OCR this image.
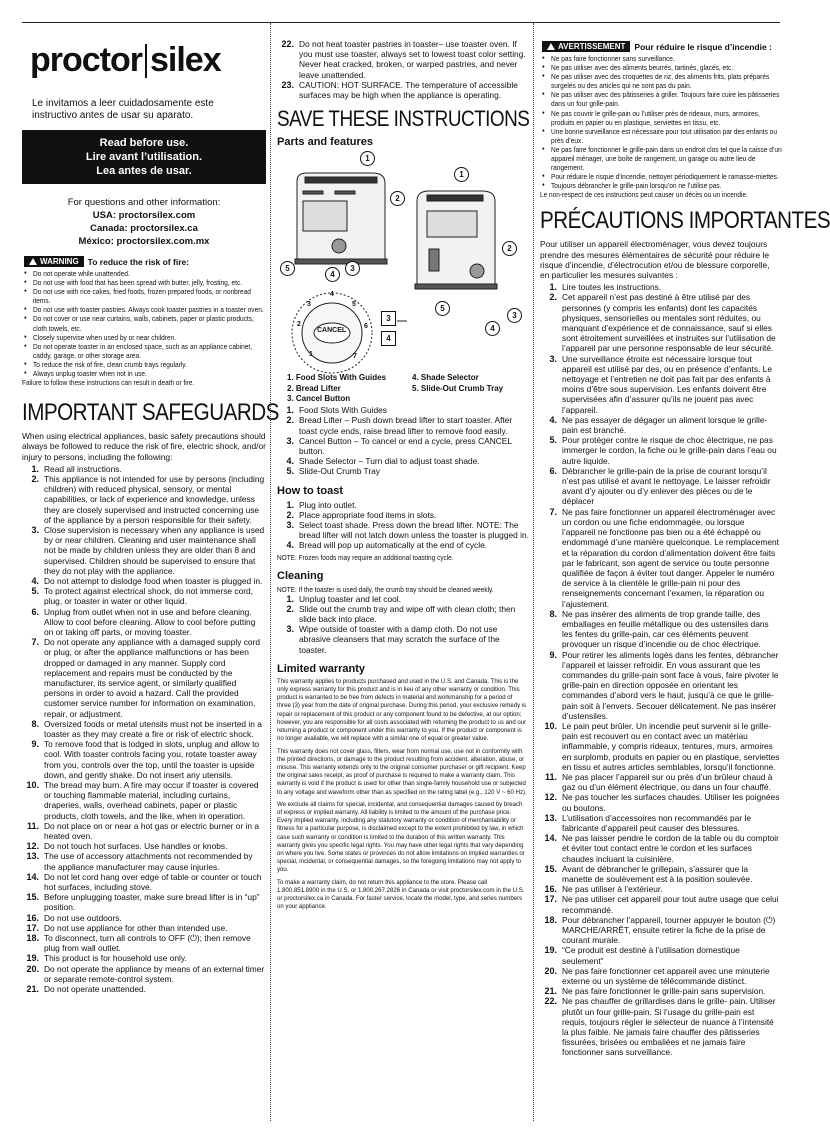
proctor silex
Le invitamos a leer cuidadosamente este instructivo antes de usar su aparato.
Read before use.
Lire avant l’utilisation.
Lea antes de usar.
For questions and other information:
USA: proctorsilex.com
Canada: proctorsilex.ca
México: proctorsilex.com.mx
WARNING To reduce the risk of fire:
● Do not operate while unattended.
● Do not use with food that has been spread with butter, jelly, frosting, etc.
● Do not use with rice cakes, fried foods, frozen prepared foods, or nonbread items.
● Do not use with toaster pastries. Always cook toaster pastries in a toaster oven.
● Do not cover or use near curtains, walls, cabinets, paper or plastic products, cloth towels, etc.
● Closely supervise when used by or near children.
● Do not operate toaster in an enclosed space, such as an appliance cabinet, caddy, garage, or other storage area.
● To reduce the risk of fire, clean crumb trays regularly.
● Always unplug toaster when not in use.
Failure to follow these instructions can result in death or fire.
IMPORTANT SAFEGUARDS
When using electrical appliances, basic safety precautions should always be followed to reduce the risk of fire, electric shock, and/or injury to persons, including the following:
1. Read all instructions.
2. This appliance is not intended for use by persons (including children) with reduced physical, sensory, or mental capabilities, or lack of experience and knowledge, unless they are closely supervised and instructed concerning use of the appliance by a person responsible for their safety.
3. Close supervision is necessary when any appliance is used by or near children. Cleaning and user maintenance shall not be made by children unless they are older than 8 and supervised. Children should be supervised to ensure that they do not play with the appliance.
4. Do not attempt to dislodge food when toaster is plugged in.
5. To protect against electrical shock, do not immerse cord, plug, or toaster in water or other liquid.
6. Unplug from outlet when not in use and before cleaning. Allow to cool before cleaning. Allow to cool before putting on or taking off parts, or moving toaster.
7. Do not operate any appliance with a damaged supply cord or plug, or after the appliance malfunctions or has been dropped or damaged in any manner. Supply cord replacement and repairs must be conducted by the manufacturer, its service agent, or similarly qualified persons in order to avoid a hazard. Call the provided customer service number for information on examination, repair, or adjustment.
8. Oversized foods or metal utensils must not be inserted in a toaster as they may create a fire or risk of electric shock.
9. To remove food that is lodged in slots, unplug and allow to cool. With toaster controls facing you, rotate toaster away from you, controls over the top, until the toaster is upside down, and gently shake. Do not insert any utensils.
10. The bread may burn. A fire may occur if toaster is covered or touching flammable material, including curtains, draperies, walls, overhead cabinets, paper or plastic products, cloth towels, and the like, when in operation.
11. Do not place on or near a hot gas or electric burner or in a heated oven.
12. Do not touch hot surfaces. Use handles or knobs.
13. The use of accessory attachments not recommended by the appliance manufacturer may cause injuries.
14. Do not let cord hang over edge of table or counter or touch hot surfaces, including stove.
15. Before unplugging toaster, make sure bread lifter is in “up” position.
16. Do not use outdoors.
17. Do not use appliance for other than intended use.
18. To disconnect, turn all controls to OFF (⏻); then remove plug from wall outlet.
19. This product is for household use only.
20. Do not operate the appliance by means of an external timer or separate remote-control system.
21. Do not operate unattended.
22. Do not heat toaster pastries in toaster– use toaster oven. If you must use toaster, always set to lowest toast color setting. Never heat cracked, broken, or warped pastries, and never leave unattended.
23. CAUTION: HOT SURFACE. The temperature of accessible surfaces may be high when the appliance is operating.
SAVE THESE INSTRUCTIONS
Parts and features
1
2
5
4
3
1
2
5
4
3
CANCEL
3
4
4
3
2
1
5
6
7
1. Food Slots With Guides
2. Bread Lifter
3. Cancel Button
4. Shade Selector
5. Slide-Out Crumb Tray
1. Food Slots With Guides
2. Bread Lifter – Push down bread lifter to start toaster. After toast cycle ends, raise bread lifter to remove food easily.
3. Cancel Button – To cancel or end a cycle, press CANCEL button.
4. Shade Selector – Turn dial to adjust toast shade.
5. Slide-Out Crumb Tray
How to toast
1. Plug into outlet.
2. Place appropriate food items in slots.
3. Select toast shade. Press down the bread lifter. NOTE: The bread lifter will not latch down unless the toaster is plugged in.
4. Bread will pop up automatically at the end of cycle.
NOTE: Frozen foods may require an additional toasting cycle.
Cleaning
NOTE: If the toaster is used daily, the crumb tray should be cleaned weekly.
1. Unplug toaster and let cool.
2. Slide out the crumb tray and wipe off with clean cloth; then slide back into place.
3. Wipe outside of toaster with a damp cloth. Do not use abrasive cleansers that may scratch the surface of the toaster.
Limited warranty

This warranty applies to products purchased and used in the U.S. and Canada. This is the only express warranty for this product and is in lieu of any other warranty or condition. This product is warranted to be free from defects in material and workmanship for a period of three (3) year from the date of original purchase. During this period, your exclusive remedy is repair or replacement of this product or any component found to be defective, at our option; however, you are responsible for all costs associated with returning the product to us and our returning a product or component under this warranty to you. If the product or component is no longer available, we will replace with a similar one of equal or greater value.

This warranty does not cover glass, filters, wear from normal use, use not in conformity with the printed directions, or damage to the product resulting from accident, alteration, abuse, or misuse. This warranty extends only to the original consumer purchaser or gift recipient. Keep the original sales receipt, as proof of purchase is required to make a warranty claim. This warranty is void if the product is used for other than single-family household use or subjected to any voltage and waveform other than as specified on the rating label (e.g., 120 V ~ 60 Hz).

We exclude all claims for special, incidental, and consequential damages caused by breach of express or implied warranty. All liability is limited to the amount of the purchase price. Every implied warranty, including any statutory warranty or condition of merchantability or fitness for a particular purpose, is disclaimed except to the extent prohibited by law, in which case such warranty or condition is limited to the duration of this written warranty. This warranty gives you specific legal rights. You may have other legal rights that vary depending on where you live. Some states or provinces do not allow limitations on implied warranties or special, incidental, or consequential damages, so the foregoing limitations may not apply to you.

To make a warranty claim, do not return this appliance to the store. Please call 1.800.851.8900 in the U.S. or 1.800.267.2826 in Canada or visit proctorsilex.com in the U.S. or proctorsilex.ca in Canada. For faster service, locate the model, type, and series numbers on your appliance.

AVERTISSEMENT Pour réduire le risque d’incendie :
● Ne pas faire fonctionner sans surveillance.
● Ne pas utiliser avec des aliments beurrés, tartinés, glacés, etc.
● Ne pas utiliser avec des croquettes de riz, des aliments frits, plats préparés surgelés ou des articles qui ne sont pas du pain.
● Ne pas utiliser avec des pâtisseries à griller. Toujours faire cuire les pâtisseries dans un four grille-pain.
● Ne pas couvrir le grille-pain ou l’utiliser près de rideaux, murs, armoires, produits en papier ou en plastique, serviettes en tissu, etc.
● Une bonne surveillance est nécessaire pour tout utilisation par des enfants ou près d’eux.
● Ne pas faire fonctionner le grille-pain dans un endroit clos tel que la caisse d’un appareil ménager, une boîte de rangement, un garage ou autre lieu de rangement.
● Pour réduire le risque d’incendie, nettoyer périodiquement le ramasse-miettes.
● Toujours débrancher le grille-pain lorsqu’on ne l’utilise pas.
Le non-respect de ces instructions peut causer un décès ou un incendie.
PRÉCAUTIONS IMPORTANTES
Pour utiliser un appareil électroménager, vous devez toujours prendre des mesures élémentaires de sécurité pour réduire le risque d’incendie, d’électrocution et/ou de blessure corporelle, en particulier les mesures suivantes :
1. Lire toutes les instructions.
2. Cet appareil n’est pas destiné à être utilisé par des personnes (y compris les enfants) dont les capacités physiques, sensorielles ou mentales sont réduites, ou manquant d’expérience et de connaissance, sauf si elles sont étroitement surveillées et instruites sur l’utilisation de l’appareil par une personne responsable de leur sécurité.
3. Une surveillance étroite est nécessaire lorsque tout appareil est utilisé par des, ou en présence d’enfants. Le nettoyage et l’entretien ne doit pas fait par des enfants à moins d’être sous supervision. Les enfants doivent être supervisées afin d’assurer qu’ils ne jouent pas avec l’appareil.
4. Ne pas essayer de dégager un aliment lorsque le grille-pain est branché.
5. Pour protéger contre le risque de choc électrique, ne pas immerger le cordon, la fiche ou le grille-pain dans l’eau ou autre liquide.
6. Débrancher le grille-pain de la prise de courant lorsqu’il n’est pas utilisé et avant le nettoyage. Le laisser refroidir avant d’y ajouter ou d’y enlever des pièces ou de le déplacer
7. Ne pas faire fonctionner un appareil électroménager avec un cordon ou une fiche endommagée, ou lorsque l’appareil ne fonctionne pas bien ou a été échappé ou endommagé d’une manière quelconque. Le remplacement et la réparation du cordon d’alimentation doivent être faits par le fabricant, son agent de service ou toute personne qualifiée de façon à éviter tout danger. Appeler le numéro de service à la clientèle le grille-pain ni pour des renseignements concernant l’examen, la réparation ou l’ajustement.
8. Ne pas insérer des aliments de trop grande taille, des emballages en feuille métallique ou des ustensiles dans les fentes du grille-pain, car ces éléments peuvent provoquer un risque d’incendie ou de choc électrique.
9. Pour retirer les aliments logés dans les fentes, débrancher l’appareil et laisser refroidir. En vous assurant que les commandes du grille-pain sont face à vous, faire pivoter le grille-pain en direction opposée en orientant les commandes d’abord vers le haut, jusqu’à ce que le grille-pain soit à l’envers. Secouer délicatement. Ne pas insérer d’ustensiles.
10. Le pain peut brûler. Un incendie peut survenir si le grille-pain est recouvert ou en contact avec un matériau inflammable, y compris rideaux, tentures, murs, armoires en surplomb, produits en papier ou en plastique, serviettes en tissu et autres articles semblables, lorsqu’il fonctionne.
11. Ne pas placer l’appareil sur ou près d’un brûleur chaud à gaz ou d’un élément électrique, ou dans un four chauffé.
12. Ne pas toucher les surfaces chaudes. Utiliser les poignées ou boutons.
13. L’utilisation d’accessoires non recommandés par le fabricante d’appareil peut causer des blessures.
14. Ne pas laisser pendre le cordon de la table ou du comptoir et éviter tout contact entre le cordon et les surfaces chaudes incluant la cuisinière.
15. Avant de débrancher le grillepain, s’assurer que la manette de soulèvement est à la position soulevée.
16. Ne pas utiliser à l’extérieur.
17. Ne pas utiliser cet appareil pour tout autre usage que celui recommandé.
18. Pour débrancher l’appareil, tourner appuyer le bouton (⏻) MARCHE/ARRÊT, ensuite retirer la fiche de la prise de courant murale.
19. “Ce produit est destiné à l’utilisation domestique seulement”
20. Ne pas faire fonctionner cet appareil avec une minuterie externe ou un système de télécommande distinct.
21. Ne pas faire fonctionner le grille-pain sans supervision.
22. Ne pas chauffer de grillardises dans le grille- pain. Utiliser plutôt un four grille-pain. Si l’usage du grille-pain est requis, toujours régler le sélecteur de nuance à l’intensité la plus faible. Ne jamais faire chauffer des pâtisseries fissurées, brisées ou embaliées et ne jamais faire fonctionner sans surveillance.
